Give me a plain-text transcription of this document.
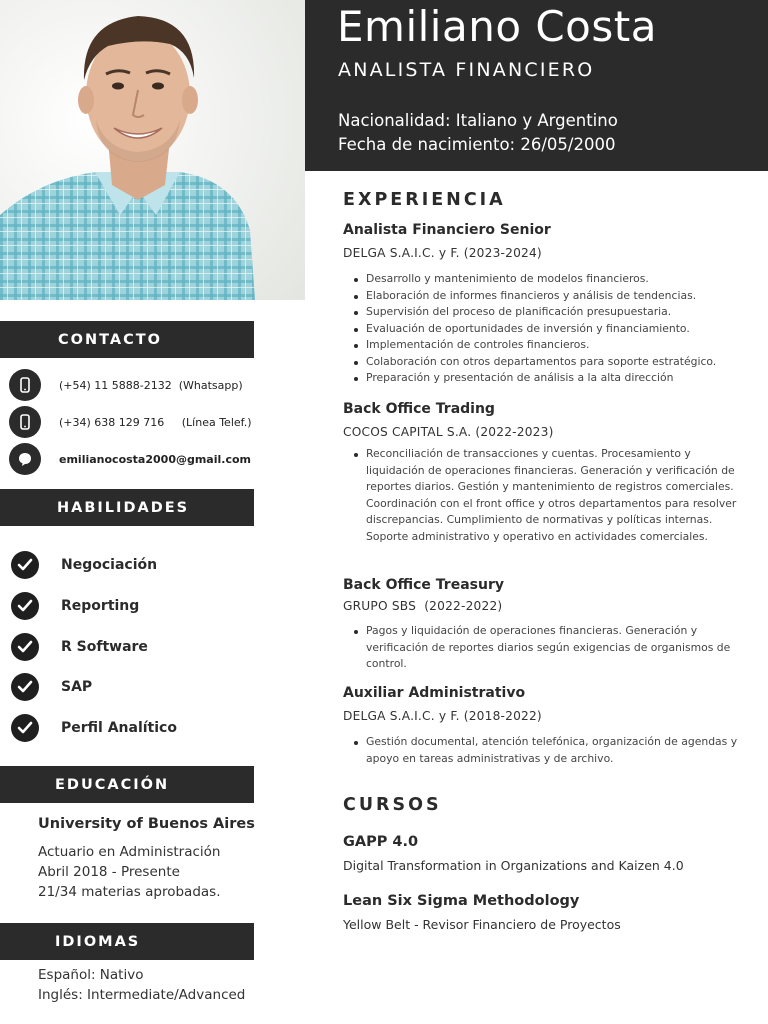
Emiliano Costa
ANALISTA FINANCIERO
Nacionalidad: Italiano y Argentino
Fecha de nacimiento: 26/05/2000
CONTACTO
(+54) 11 5888-2132  (Whatsapp)
(+34) 638 129 716     (Línea Telef.)
emilianocosta2000@gmail.com
HABILIDADES
Negociación
Reporting
R Software
SAP
Perfil Analítico
EDUCACIÓN
University of Buenos Aires
Actuario en Administración
Abril 2018 - Presente
21/34 materias aprobadas.
IDIOMAS
Español: Nativo
Inglés: Intermediate/Advanced
EXPERIENCIA
Analista Financiero Senior
DELGA S.A.I.C. y F. (2023-2024)
Desarrollo y mantenimiento de modelos financieros.
Elaboración de informes financieros y análisis de tendencias.
Supervisión del proceso de planificación presupuestaria.
Evaluación de oportunidades de inversión y financiamiento.
Implementación de controles financieros.
Colaboración con otros departamentos para soporte estratégico.
Preparación y presentación de análisis a la alta dirección
Back Office Trading
COCOS CAPITAL S.A. (2022-2023)
Reconciliación de transacciones y cuentas. Procesamiento y liquidación de operaciones financieras. Generación y verificación de reportes diarios. Gestión y mantenimiento de registros comerciales. Coordinación con el front office y otros departamentos para resolver discrepancias. Cumplimiento de normativas y políticas internas. Soporte administrativo y operativo en actividades comerciales.
Back Office Treasury
GRUPO SBS  (2022-2022)
Pagos y liquidación de operaciones financieras. Generación y verificación de reportes diarios según exigencias de organismos de control.
Auxiliar Administrativo
DELGA S.A.I.C. y F. (2018-2022)
Gestión documental, atención telefónica, organización de agendas y apoyo en tareas administrativas y de archivo.
CURSOS
GAPP 4.0
Digital Transformation in Organizations and Kaizen 4.0
Lean Six Sigma Methodology
Yellow Belt - Revisor Financiero de Proyectos
